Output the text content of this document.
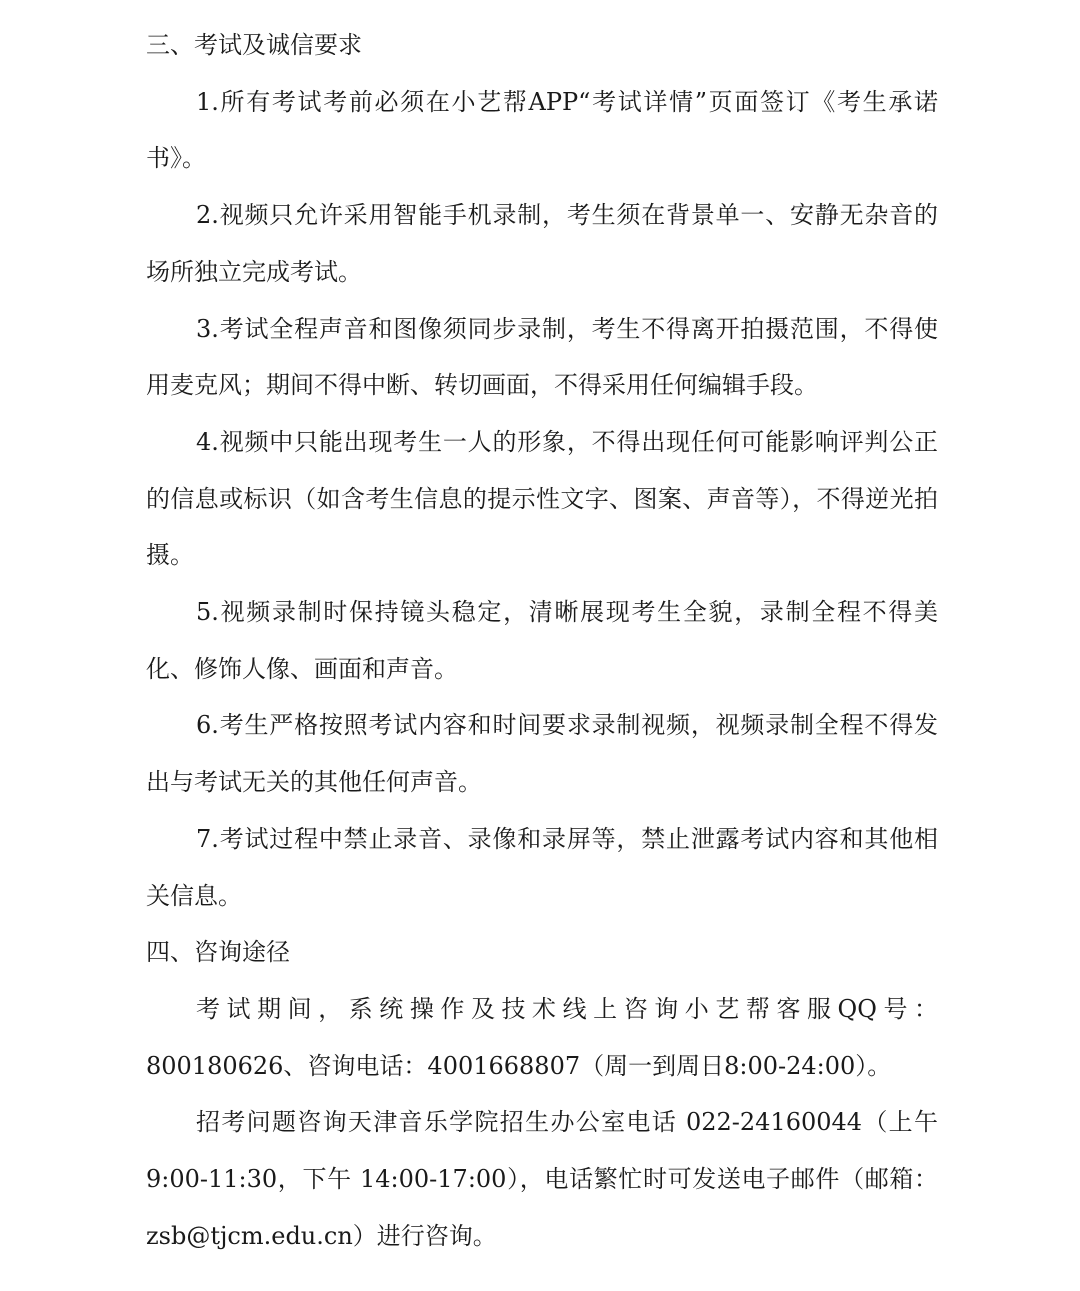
三、考试及诚信要求

1.所有考试考前必须在小艺帮APP“考试详情”页面签订《考生承诺书》。

2.视频只允许采用智能手机录制，考生须在背景单一、安静无杂音的场所独立完成考试。

3.考试全程声音和图像须同步录制，考生不得离开拍摄范围，不得使用麦克风；期间不得中断、转切画面，不得采用任何编辑手段。

4.视频中只能出现考生一人的形象，不得出现任何可能影响评判公正的信息或标识（如含考生信息的提示性文字、图案、声音等），不得逆光拍摄。

5.视频录制时保持镜头稳定，清晰展现考生全貌，录制全程不得美化、修饰人像、画面和声音。

6.考生严格按照考试内容和时间要求录制视频，视频录制全程不得发出与考试无关的其他任何声音。

7.考试过程中禁止录音、录像和录屏等，禁止泄露考试内容和其他相关信息。

四、咨询途径

考试期间，系统操作及技术线上咨询小艺帮客服QQ号：800180626、咨询电话：4001668807（周一到周日8:00-24:00）。

招考问题咨询天津音乐学院招生办公室电话 022-24160044（上午9:00-11:30，下午 14:00-17:00），电话繁忙时可发送电子邮件（邮箱：zsb@tjcm.edu.cn）进行咨询。
